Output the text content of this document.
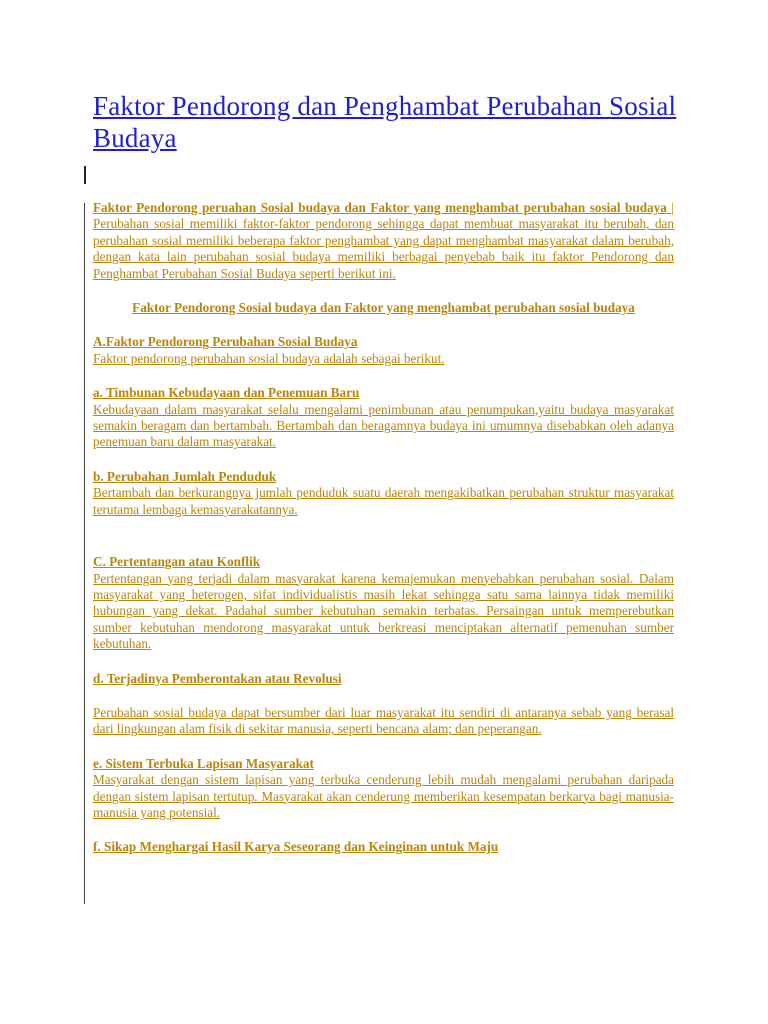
Faktor Pendorong dan Penghambat Perubahan Sosial Budaya

Faktor Pendorong peruahan Sosial budaya dan Faktor yang menghambat perubahan sosial budaya | Perubahan sosial memiliki faktor-faktor pendorong sehingga dapat membuat masyarakat itu berubah, dan perubahan sosial memiliki beberapa faktor penghambat yang dapat menghambat masyarakat dalam berubah, dengan kata lain perubahan sosial budaya memiliki berbagai penyebab baik itu faktor Pendorong dan Penghambat Perubahan Sosial Budaya seperti berikut ini.

Faktor Pendorong Sosial budaya dan Faktor yang menghambat perubahan sosial budaya

A.Faktor Pendorong Perubahan Sosial Budaya

Faktor pendorong perubahan sosial budaya adalah sebagai berikut.

a. Timbunan Kebudayaan dan Penemuan Baru

Kebudayaan dalam masyarakat selalu mengalami penimbunan atau penumpukan,yaitu budaya masyarakat semakin beragam dan bertambah. Bertambah dan beragamnya budaya ini umumnya disebabkan oleh adanya penemuan baru dalam masyarakat.

b. Perubahan Jumlah Penduduk

Bertambah dan berkurangnya jumlah penduduk suatu daerah mengakibatkan perubahan struktur masyarakat terutama lembaga kemasyarakatannya.

C. Pertentangan atau Konflik

Pertentangan yang terjadi dalam masyarakat karena kemajemukan menyebabkan perubahan sosial. Dalam masyarakat yang heterogen, sifat individualistis masih lekat sehingga satu sama lainnya tidak memiliki hubungan yang dekat. Padahal sumber kebutuhan semakin terbatas. Persaingan untuk memperebutkan sumber kebutuhan mendorong masyarakat untuk berkreasi menciptakan alternatif pemenuhan sumber kebutuhan.

d. Terjadinya Pemberontakan atau Revolusi

Perubahan sosial budaya dapat bersumber dari luar masyarakat itu sendiri di antaranya sebab yang berasal dari lingkungan alam fisik di sekitar manusia, seperti bencana alam; dan peperangan.

e. Sistem Terbuka Lapisan Masyarakat

Masyarakat dengan sistem lapisan yang terbuka cenderung lebih mudah mengalami perubahan daripada dengan sistem lapisan tertutup. Masyarakat akan cenderung memberikan kesempatan berkarya bagi manusia-manusia yang potensial.

f. Sikap Menghargai Hasil Karya Seseorang dan Keinginan untuk Maju
